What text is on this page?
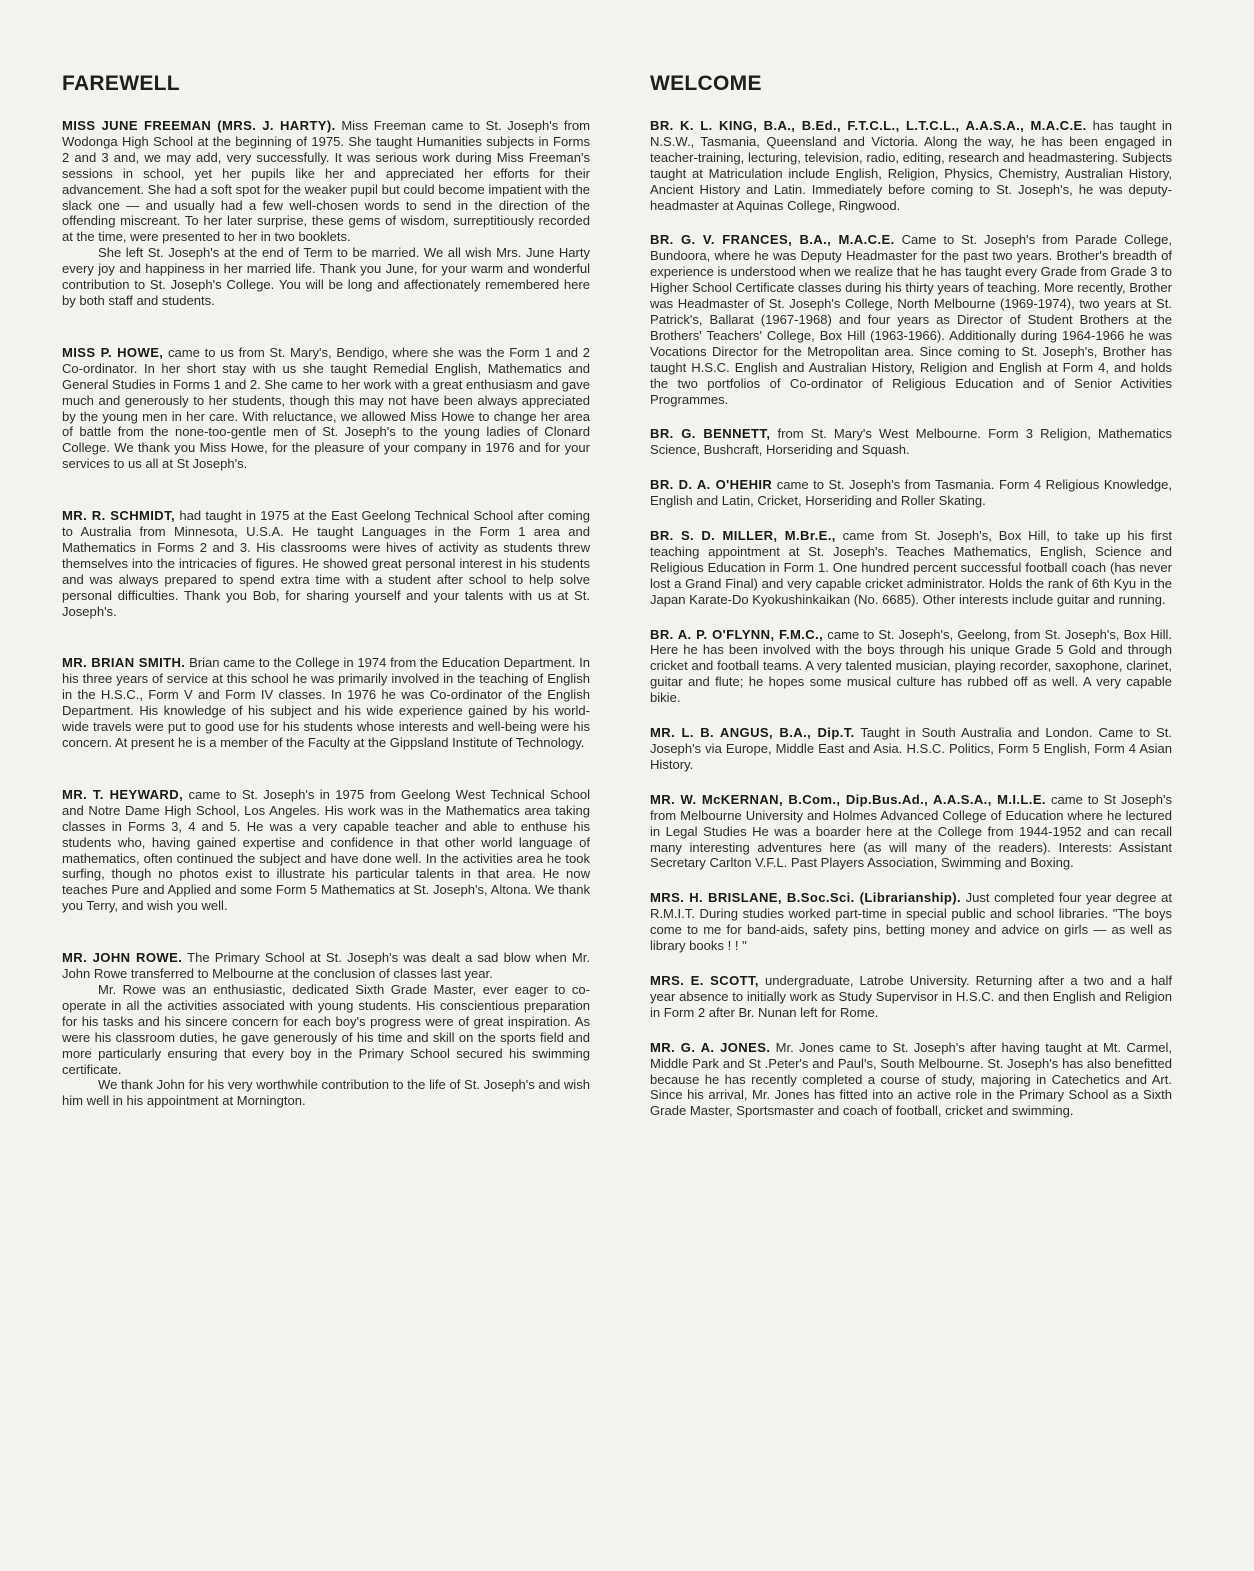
FAREWELL

MISS JUNE FREEMAN (MRS. J. HARTY). Miss Freeman came to St. Joseph's from Wodonga High School at the beginning of 1975. She taught Humanities subjects in Forms 2 and 3 and, we may add, very successfully. It was serious work during Miss Freeman's sessions in school, yet her pupils like her and appreciated her efforts for their advancement. She had a soft spot for the weaker pupil but could become impatient with the slack one — and usually had a few well-chosen words to send in the direction of the offending miscreant. To her later surprise, these gems of wisdom, surreptitiously recorded at the time, were presented to her in two booklets.

She left St. Joseph's at the end of Term to be married. We all wish Mrs. June Harty every joy and happiness in her married life. Thank you June, for your warm and wonderful contribution to St. Joseph's College. You will be long and affectionately remembered here by both staff and students.

MISS P. HOWE, came to us from St. Mary's, Bendigo, where she was the Form 1 and 2 Co-ordinator. In her short stay with us she taught Remedial English, Mathematics and General Studies in Forms 1 and 2. She came to her work with a great enthusiasm and gave much and generously to her students, though this may not have been always appreciated by the young men in her care. With reluctance, we allowed Miss Howe to change her area of battle from the none-too-gentle men of St. Joseph's to the young ladies of Clonard College. We thank you Miss Howe, for the pleasure of your company in 1976 and for your services to us all at St Joseph's.

MR. R. SCHMIDT, had taught in 1975 at the East Geelong Technical School after coming to Australia from Minnesota, U.S.A. He taught Languages in the Form 1 area and Mathematics in Forms 2 and 3. His classrooms were hives of activity as students threw themselves into the intricacies of figures. He showed great personal interest in his students and was always prepared to spend extra time with a student after school to help solve personal difficulties. Thank you Bob, for sharing yourself and your talents with us at St. Joseph's.

MR. BRIAN SMITH. Brian came to the College in 1974 from the Education Department. In his three years of service at this school he was primarily involved in the teaching of English in the H.S.C., Form V and Form IV classes. In 1976 he was Co-ordinator of the English Department. His knowledge of his subject and his wide experience gained by his world-wide travels were put to good use for his students whose interests and well-being were his concern. At present he is a member of the Faculty at the Gippsland Institute of Technology.

MR. T. HEYWARD, came to St. Joseph's in 1975 from Geelong West Technical School and Notre Dame High School, Los Angeles. His work was in the Mathematics area taking classes in Forms 3, 4 and 5. He was a very capable teacher and able to enthuse his students who, having gained expertise and confidence in that other world language of mathematics, often continued the subject and have done well. In the activities area he took surfing, though no photos exist to illustrate his particular talents in that area. He now teaches Pure and Applied and some Form 5 Mathematics at St. Joseph's, Altona. We thank you Terry, and wish you well.

MR. JOHN ROWE. The Primary School at St. Joseph's was dealt a sad blow when Mr. John Rowe transferred to Melbourne at the conclusion of classes last year.

Mr. Rowe was an enthusiastic, dedicated Sixth Grade Master, ever eager to co-operate in all the activities associated with young students. His conscientious preparation for his tasks and his sincere concern for each boy's progress were of great inspiration. As were his classroom duties, he gave generously of his time and skill on the sports field and more particularly ensuring that every boy in the Primary School secured his swimming certificate.

We thank John for his very worthwhile contribution to the life of St. Joseph's and wish him well in his appointment at Mornington.

WELCOME

BR. K. L. KING, B.A., B.Ed., F.T.C.L., L.T.C.L., A.A.S.A., M.A.C.E. has taught in N.S.W., Tasmania, Queensland and Victoria. Along the way, he has been engaged in teacher-training, lecturing, television, radio, editing, research and headmastering. Subjects taught at Matriculation include English, Religion, Physics, Chemistry, Australian History, Ancient History and Latin. Immediately before coming to St. Joseph's, he was deputy-headmaster at Aquinas College, Ringwood.

BR. G. V. FRANCES, B.A., M.A.C.E. Came to St. Joseph's from Parade College, Bundoora, where he was Deputy Headmaster for the past two years. Brother's breadth of experience is understood when we realize that he has taught every Grade from Grade 3 to Higher School Certificate classes during his thirty years of teaching. More recently, Brother was Headmaster of St. Joseph's College, North Melbourne (1969-1974), two years at St. Patrick's, Ballarat (1967-1968) and four years as Director of Student Brothers at the Brothers' Teachers' College, Box Hill (1963-1966). Additionally during 1964-1966 he was Vocations Director for the Metropolitan area. Since coming to St. Joseph's, Brother has taught H.S.C. English and Australian History, Religion and English at Form 4, and holds the two portfolios of Co-ordinator of Religious Education and of Senior Activities Programmes.

BR. G. BENNETT, from St. Mary's West Melbourne. Form 3 Religion, Mathematics Science, Bushcraft, Horseriding and Squash.

BR. D. A. O'HEHIR came to St. Joseph's from Tasmania. Form 4 Religious Knowledge, English and Latin, Cricket, Horseriding and Roller Skating.

BR. S. D. MILLER, M.Br.E., came from St. Joseph's, Box Hill, to take up his first teaching appointment at St. Joseph's. Teaches Mathematics, English, Science and Religious Education in Form 1. One hundred percent successful football coach (has never lost a Grand Final) and very capable cricket administrator. Holds the rank of 6th Kyu in the Japan Karate-Do Kyokushinkaikan (No. 6685). Other interests include guitar and running.

BR. A. P. O'FLYNN, F.M.C., came to St. Joseph's, Geelong, from St. Joseph's, Box Hill. Here he has been involved with the boys through his unique Grade 5 Gold and through cricket and football teams. A very talented musician, playing recorder, saxophone, clarinet, guitar and flute; he hopes some musical culture has rubbed off as well. A very capable bikie.

MR. L. B. ANGUS, B.A., Dip.T. Taught in South Australia and London. Came to St. Joseph's via Europe, Middle East and Asia. H.S.C. Politics, Form 5 English, Form 4 Asian History.

MR. W. McKERNAN, B.Com., Dip.Bus.Ad., A.A.S.A., M.I.L.E. came to St Joseph's from Melbourne University and Holmes Advanced College of Education where he lectured in Legal Studies He was a boarder here at the College from 1944-1952 and can recall many interesting adventures here (as will many of the readers). Interests: Assistant Secretary Carlton V.F.L. Past Players Association, Swimming and Boxing.

MRS. H. BRISLANE, B.Soc.Sci. (Librarianship). Just completed four year degree at R.M.I.T. During studies worked part-time in special public and school libraries. "The boys come to me for band-aids, safety pins, betting money and advice on girls — as well as library books ! ! "

MRS. E. SCOTT, undergraduate, Latrobe University. Returning after a two and a half year absence to initially work as Study Supervisor in H.S.C. and then English and Religion in Form 2 after Br. Nunan left for Rome.

MR. G. A. JONES. Mr. Jones came to St. Joseph's after having taught at Mt. Carmel, Middle Park and St .Peter's and Paul's, South Melbourne. St. Joseph's has also benefitted because he has recently completed a course of study, majoring in Catechetics and Art. Since his arrival, Mr. Jones has fitted into an active role in the Primary School as a Sixth Grade Master, Sportsmaster and coach of football, cricket and swimming.
